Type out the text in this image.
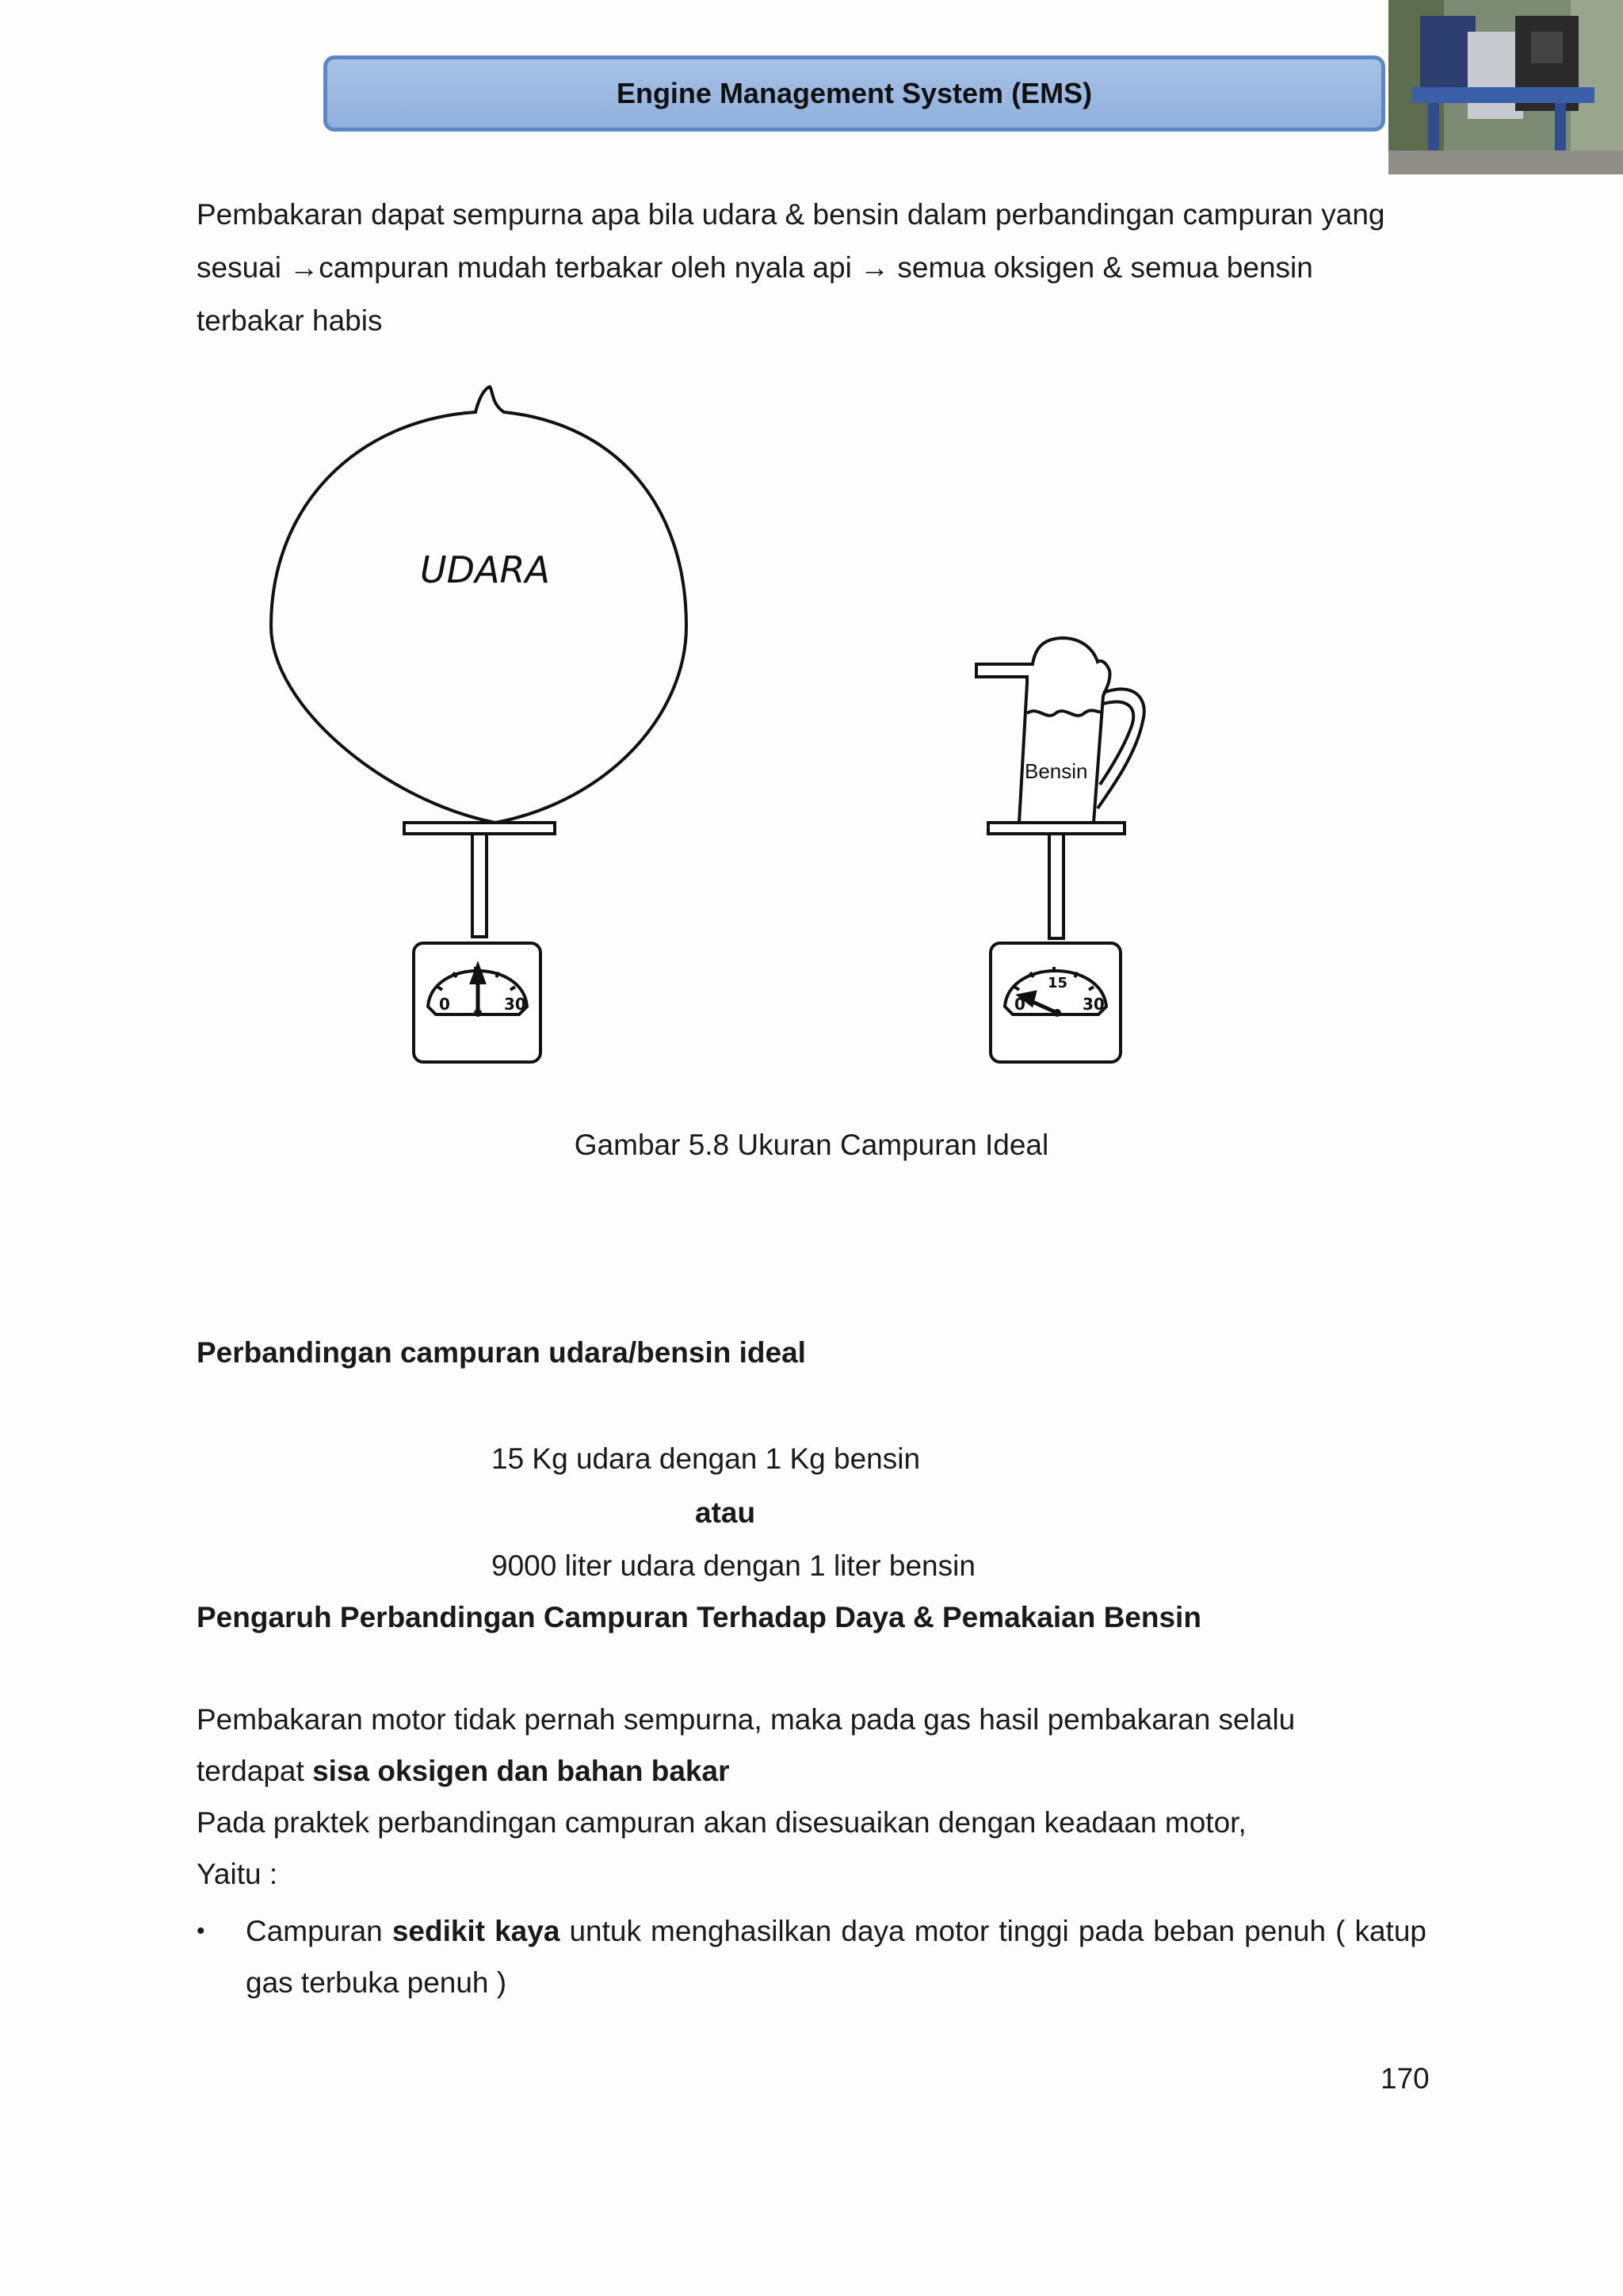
Engine Management System (EMS)

Pembakaran dapat sempurna apa bila udara & bensin dalam perbandingan campuran yang

sesuai →campuran mudah terbakar oleh nyala api → semua oksigen & semua bensin

terbakar habis

UDARA
Bensin
0	30	0
15
30
Gambar 5.8 Ukuran Campuran Ideal
Perbandingan campuran udara/bensin ideal
15 Kg udara dengan 1 Kg bensin
atau
9000 liter udara dengan 1 liter bensin
Pengaruh Perbandingan Campuran Terhadap Daya & Pemakaian Bensin
Pembakaran motor tidak pernah sempurna, maka pada gas hasil pembakaran selalu
terdapat sisa oksigen dan bahan bakar
Pada praktek perbandingan campuran akan disesuaikan dengan keadaan motor,
Yaitu :
•	Campuran sedikit kaya untuk menghasilkan daya motor tinggi pada beban penuh ( katup gas terbuka penuh )
170
